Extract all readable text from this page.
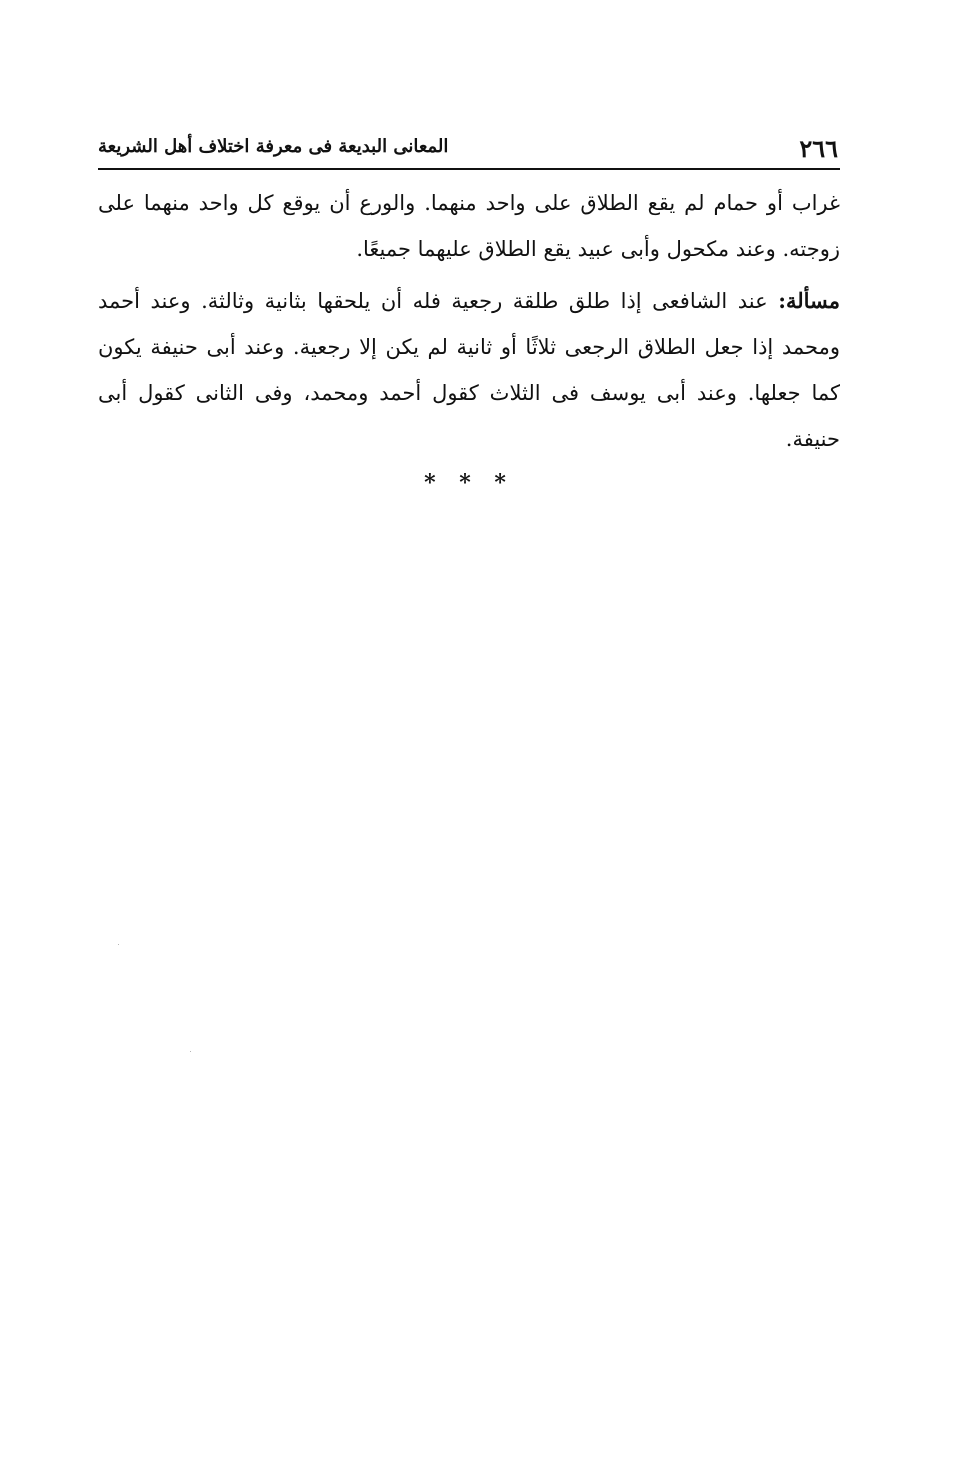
٢٦٦
المعانى البديعة فى معرفة اختلاف أهل الشريعة

غراب أو حمام لم يقع الطلاق على واحد منهما. والورع أن يوقع كل واحد منهما على زوجته. وعند مكحول وأبى عبيد يقع الطلاق عليهما جميعًا.

مسألة: عند الشافعى إذا طلق طلقة رجعية فله أن يلحقها بثانية وثالثة. وعند أحمد ومحمد إذا جعل الطلاق الرجعى ثلاثًا أو ثانية لم يكن إلا رجعية. وعند أبى حنيفة يكون كما جعلها. وعند أبى يوسف فى الثلاث كقول أحمد ومحمد، وفى الثانى كقول أبى حنيفة.

* * *
